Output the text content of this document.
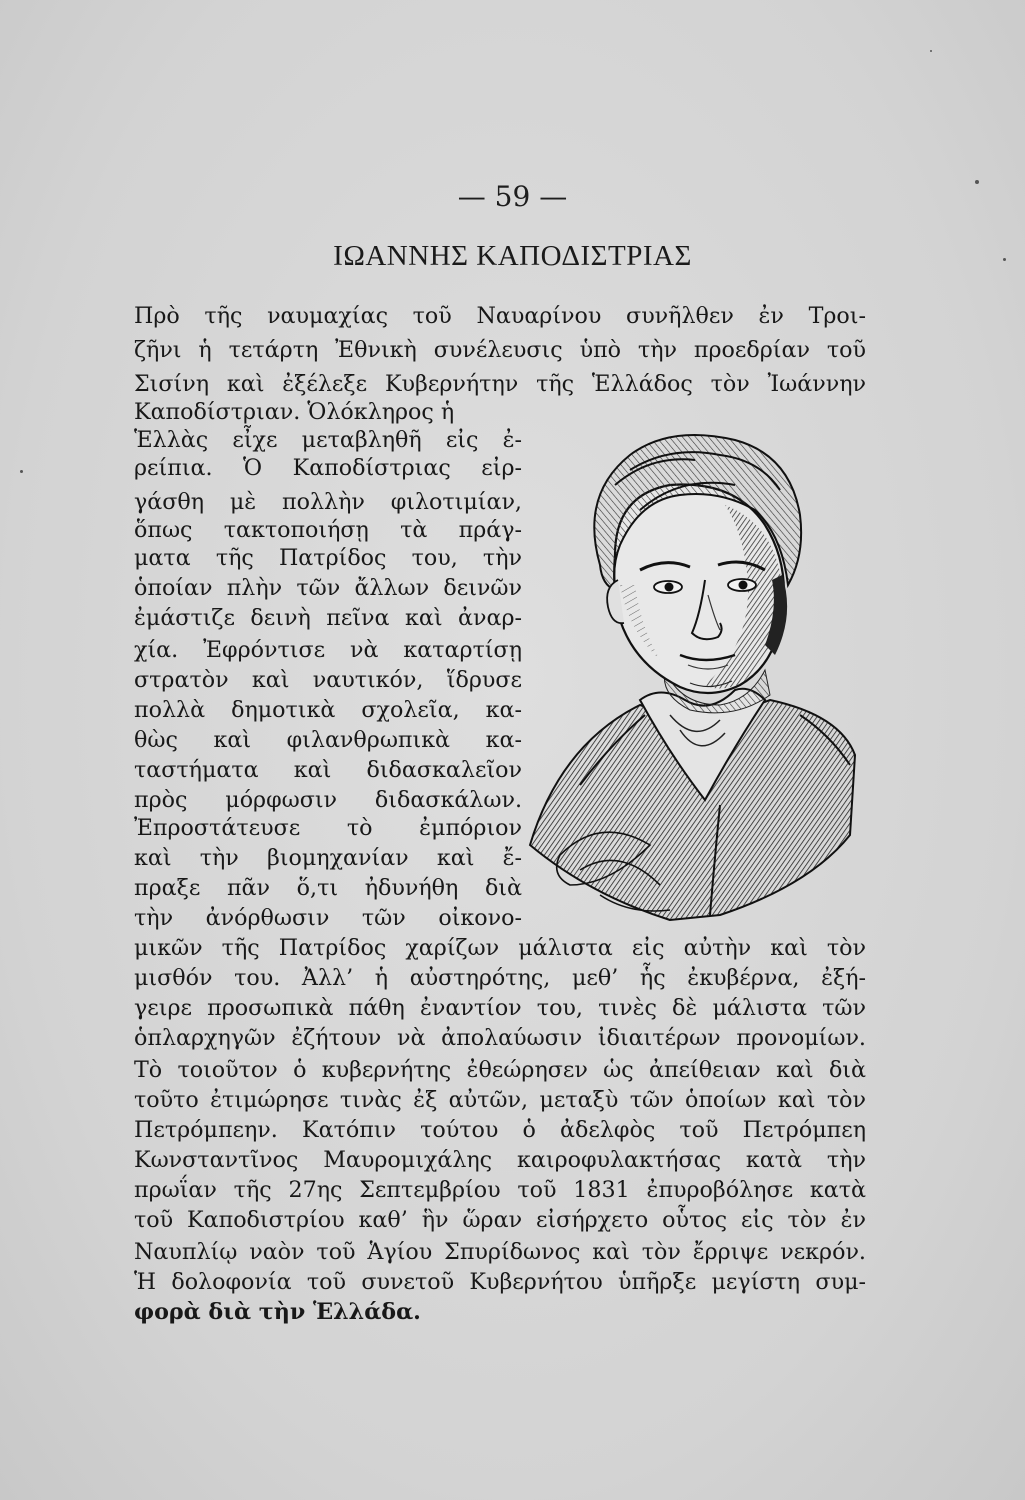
— 59 —
ΙΩΑΝΝΗΣ ΚΑΠΟΔΙΣΤΡΙΑΣ
Πρὸ τῆς ναυμαχίας τοῦ Ναυαρίνου συνῆλθεν ἐν Τροι-
ζῆνι ἡ τετάρτη Ἐθνικὴ συνέλευσις ὑπὸ τὴν προεδρίαν τοῦ
Σισίνη καὶ ἐξέλεξε Κυβερνήτην τῆς Ἑλλάδος τὸν Ἰωάννην
Καποδίστριαν. Ὁλόκληρος ἡ
Ἑλλὰς εἶχε μεταβληθῆ εἰς ἐ-
ρείπια. Ὁ Καποδίστριας εἰρ-
γάσθη μὲ πολλὴν φιλοτιμίαν,
ὅπως τακτοποιήσῃ τὰ πράγ-
ματα τῆς Πατρίδος του, τὴν
ὁποίαν πλὴν τῶν ἄλλων δεινῶν
ἐμάστιζε δεινὴ πεῖνα καὶ ἀναρ-
χία. Ἐφρόντισε νὰ καταρτίσῃ
στρατὸν καὶ ναυτικόν, ἵδρυσε
πολλὰ δημοτικὰ σχολεῖα, κα-
θὼς καὶ φιλανθρωπικὰ κα-
ταστήματα καὶ διδασκαλεῖον
πρὸς μόρφωσιν διδασκάλων.
Ἐπροστάτευσε τὸ ἐμπόριον
καὶ τὴν βιομηχανίαν καὶ ἔ-
πραξε πᾶν ὅ,τι ἠδυνήθη διὰ
τὴν ἀνόρθωσιν τῶν οἰκονο-
μικῶν τῆς Πατρίδος χαρίζων μάλιστα εἰς αὐτὴν καὶ τὸν
μισθόν του. Ἀλλ’ ἡ αὐστηρότης, μεθ’ ἧς ἐκυβέρνα, ἐξή-
γειρε προσωπικὰ πάθη ἐναντίον του, τινὲς δὲ μάλιστα τῶν
ὁπλαρχηγῶν ἐζήτουν νὰ ἀπολαύωσιν ἰδιαιτέρων προνομίων.
Τὸ τοιοῦτον ὁ κυβερνήτης ἐθεώρησεν ὡς ἀπείθειαν καὶ διὰ
τοῦτο ἐτιμώρησε τινὰς ἐξ αὐτῶν, μεταξὺ τῶν ὁποίων καὶ τὸν
Πετρόμπεην. Κατόπιν τούτου ὁ ἀδελφὸς τοῦ Πετρόμπεη
Κωνσταντῖνος Μαυρομιχάλης καιροφυλακτήσας κατὰ τὴν
πρωΐαν τῆς 27ης Σεπτεμβρίου τοῦ 1831 ἐπυροβόλησε κατὰ
τοῦ Καποδιστρίου καθ’ ἣν ὥραν εἰσήρχετο οὗτος εἰς τὸν ἐν
Ναυπλίῳ ναὸν τοῦ Ἁγίου Σπυρίδωνος καὶ τὸν ἔρριψε νεκρόν.
Ἡ δολοφονία τοῦ συνετοῦ Κυβερνήτου ὑπῆρξε μεγίστη συμ-
φορὰ διὰ τὴν Ἑλλάδα.
